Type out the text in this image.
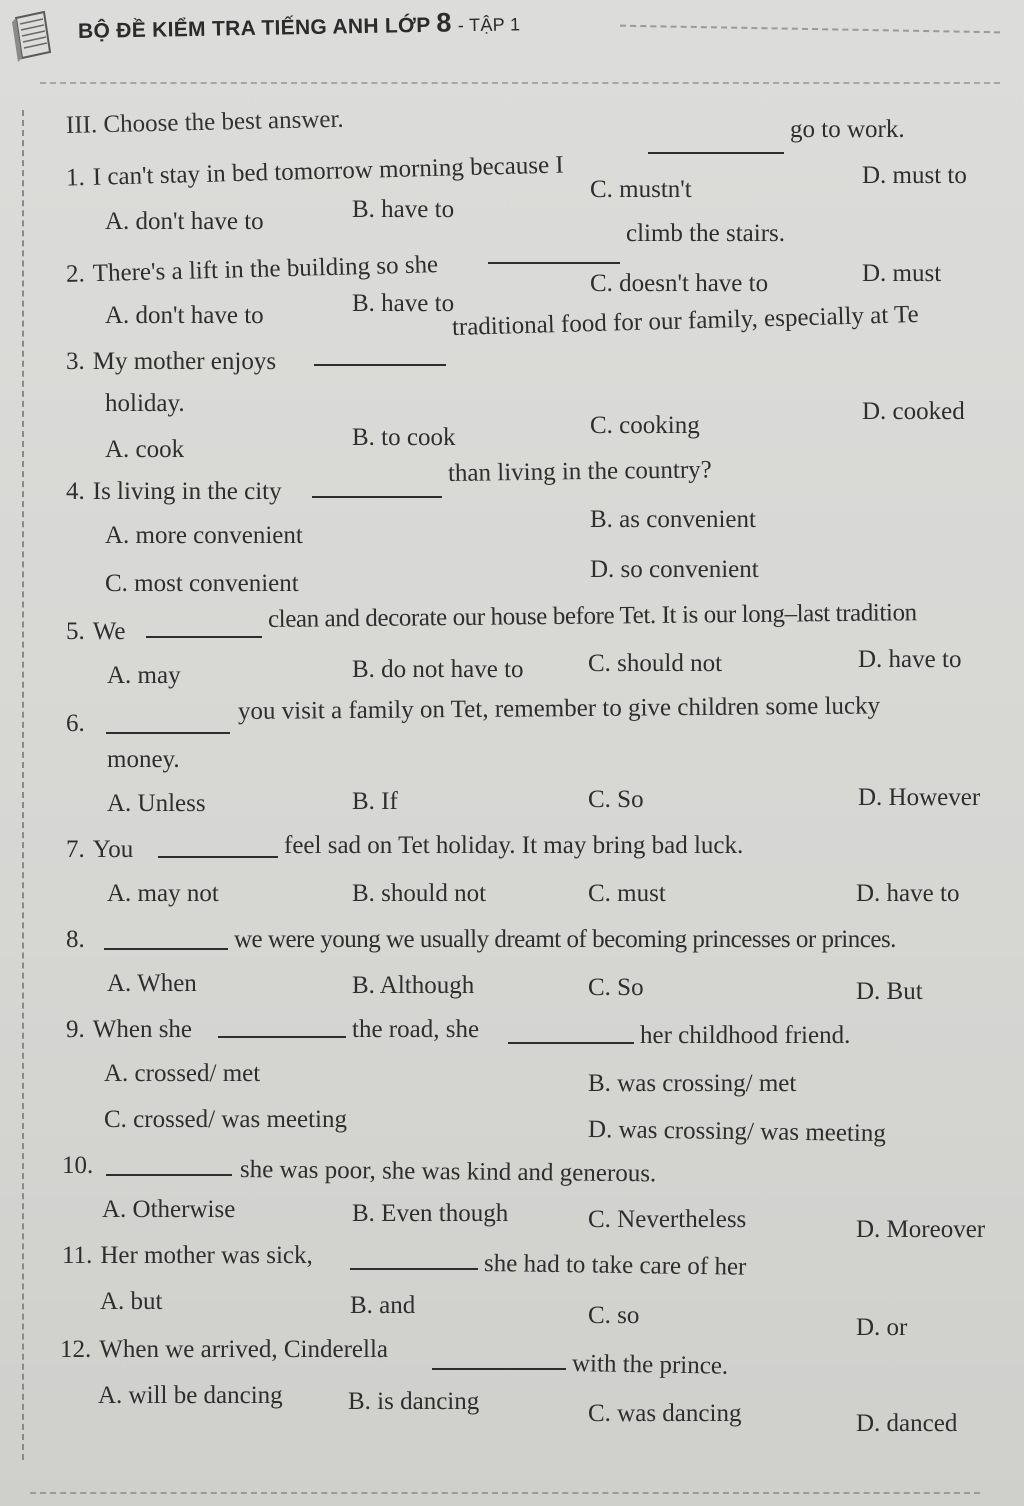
BỘ ĐỀ KIỂM TRA TIẾNG ANH LỚP 8 - TẬP 1
III. Choose the best answer.
1. I can't stay in bed tomorrow morning because I
go to work.
A. don't have to	B. have to
C. mustn't
D. must to
2. There's a lift in the building so she
climb the stairs.
A. don't have to	B. have to
C. doesn't have to	D. must
3. My mother enjoys
traditional food for our family, especially at Te
holiday.
A. cook	B. to cook	C. cooking
D. cooked
4. Is living in the city
than living in the country?
A. more convenient
B. as convenient
C. most convenient
D. so convenient
5. We	clean and decorate our house before Tet. It is our long–last tradition
A. may	B. do not have to	C. should not	D. have to
6.	you visit a family on Tet, remember to give children some lucky
money.
A. Unless	B. If	C. So	D. However
7. You	feel sad on Tet holiday. It may bring bad luck.
A. may not	B. should not	C. must	D. have to
8.	we were young we usually dreamt of becoming princesses or princes.
A. When	B. Although	C. So	D. But
9. When she	the road, she	her childhood friend.
A. crossed/ met	B. was crossing/ met
C. crossed/ was meeting	D. was crossing/ was meeting
10.	she was poor, she was kind and generous.
A. Otherwise	B. Even though	C. Nevertheless	D. Moreover
11. Her mother was sick,	she had to take care of her
A. but	B. and	C. so	D. or
12. When we arrived, Cinderella
with the prince.
A. will be dancing	B. is dancing	C. was dancing	D. danced
